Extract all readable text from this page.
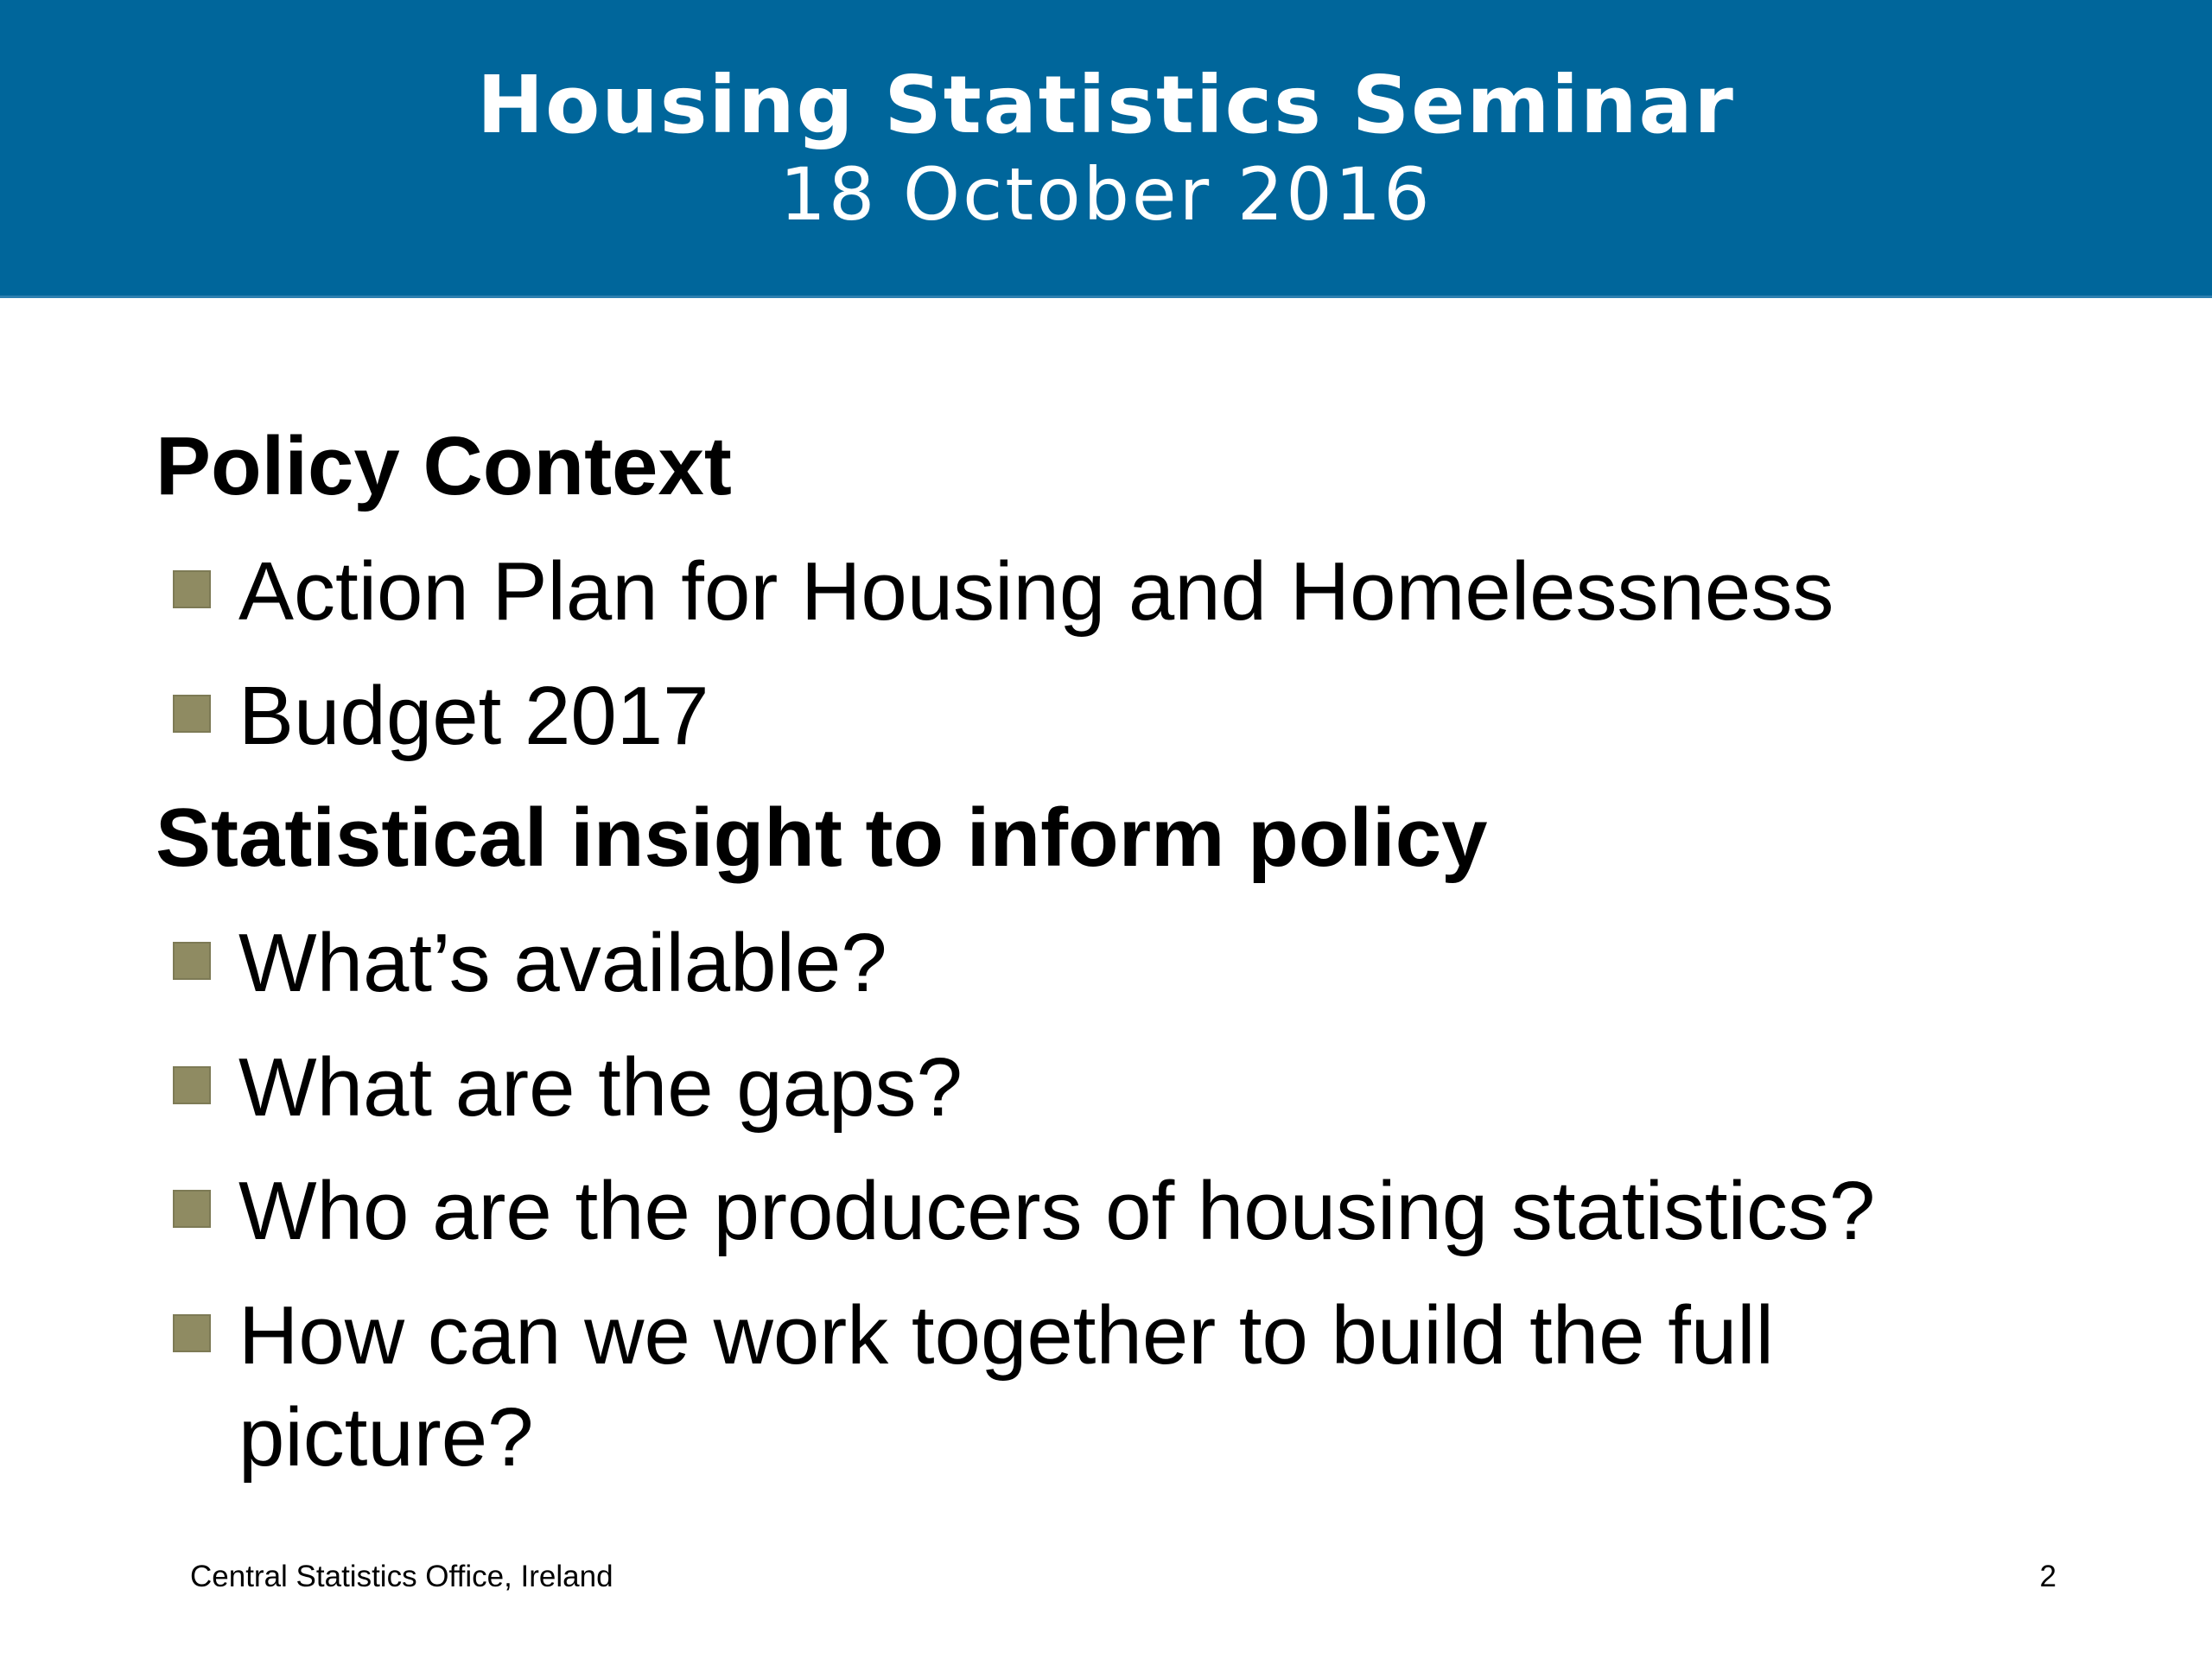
Housing Statistics Seminar
18 October 2016
Policy Context
Action Plan for Housing and Homelessness
Budget 2017
Statistical insight to inform policy
What’s available?
What are the gaps?
Who are the producers of housing statistics?
How can we work together to build the full picture?
Central Statistics Office, Ireland	2
